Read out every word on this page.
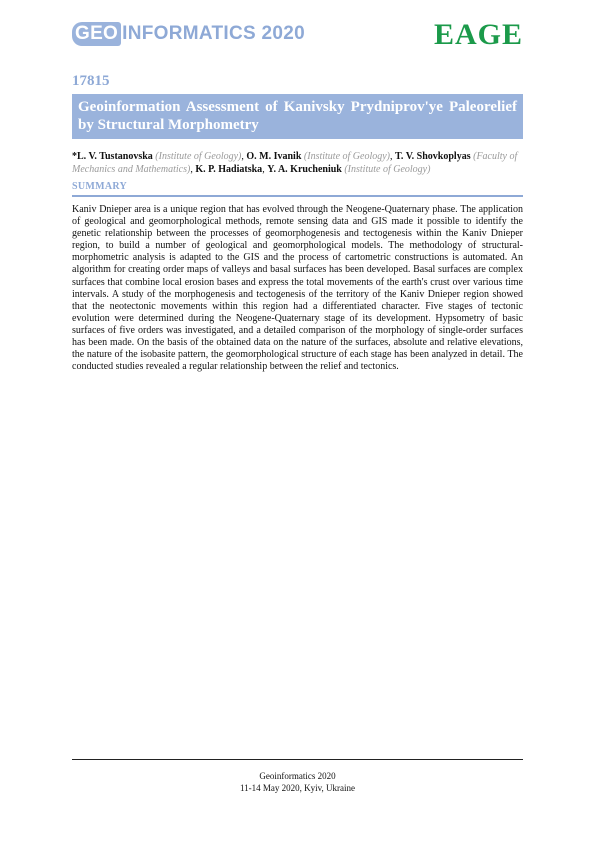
GEO INFORMATICS 2020	EAGE
17815
Geoinformation Assessment of Kanivsky Prydniprov'ye Paleorelief by Structural Morphometry
*L. V. Tustanovska (Institute of Geology), O. M. Ivanik (Institute of Geology), T. V. Shovkoplyas (Faculty of Mechanics and Mathematics), K. P. Hadiatska, Y. A. Krucheniuk (Institute of Geology)
SUMMARY

Kaniv Dnieper area is a unique region that has evolved through the Neogene-Quaternary phase. The application of geological and geomorphological methods, remote sensing data and GIS made it possible to identify the genetic relationship between the processes of geomorphogenesis and tectogenesis within the Kaniv Dnieper region, to build a number of geological and geomorphological models. The methodology of structural-morphometric analysis is adapted to the GIS and the process of cartometric constructions is automated. An algorithm for creating order maps of valleys and basal surfaces has been developed. Basal surfaces are complex surfaces that combine local erosion bases and express the total movements of the earth's crust over various time intervals. A study of the morphogenesis and tectogenesis of the territory of the Kaniv Dnieper region showed that the neotectonic movements within this region had a differentiated character. Five stages of tectonic evolution were determined during the Neogene-Quaternary stage of its development. Hypsometry of basic surfaces of five orders was investigated, and a detailed comparison of the morphology of single-order surfaces has been made. On the basis of the obtained data on the nature of the surfaces, absolute and relative elevations, the nature of the isobasite pattern, the geomorphological structure of each stage has been analyzed in detail. The conducted studies revealed a regular relationship between the relief and tectonics.

Geoinformatics 2020
11-14 May 2020, Kyiv, Ukraine
